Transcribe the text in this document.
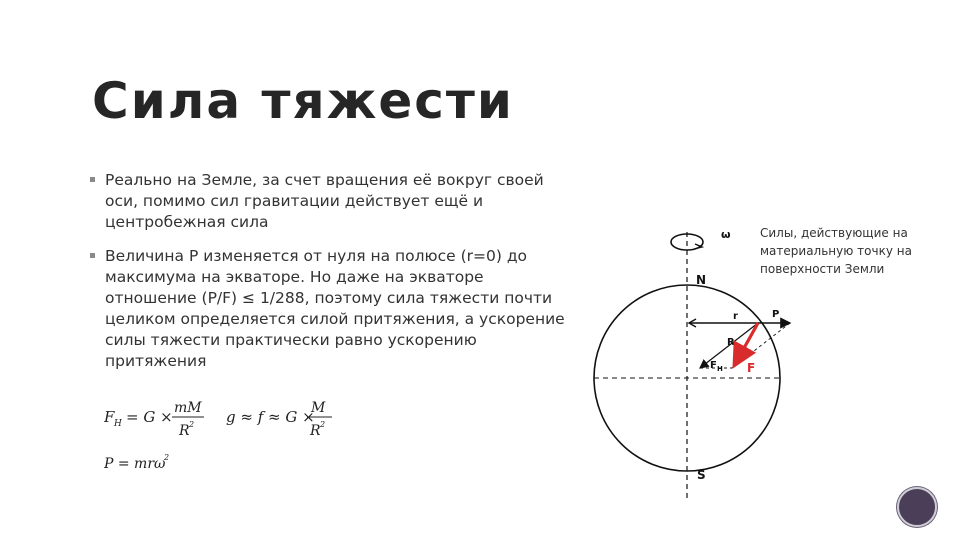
Сила тяжести
Реально на Земле, за счет вращения её вокруг своей оси, помимо сил гравитации действует ещё и центробежная сила
Величина P изменяется от нуля на полюсе (r=0) до максимума на экваторе. Но даже на экваторе отношение (P/F) ≤ 1/288, поэтому сила тяжести почти целиком определяется силой притяжения, а ускорение силы тяжести практически равно ускорению притяжения
F H = G × mM
R 2 g ≈ f ≈ G ×
M
R 2
P = mrω
2
ω
N
S
r	P
R
F
F H
Силы, действующие на материальную точку на поверхности Земли
